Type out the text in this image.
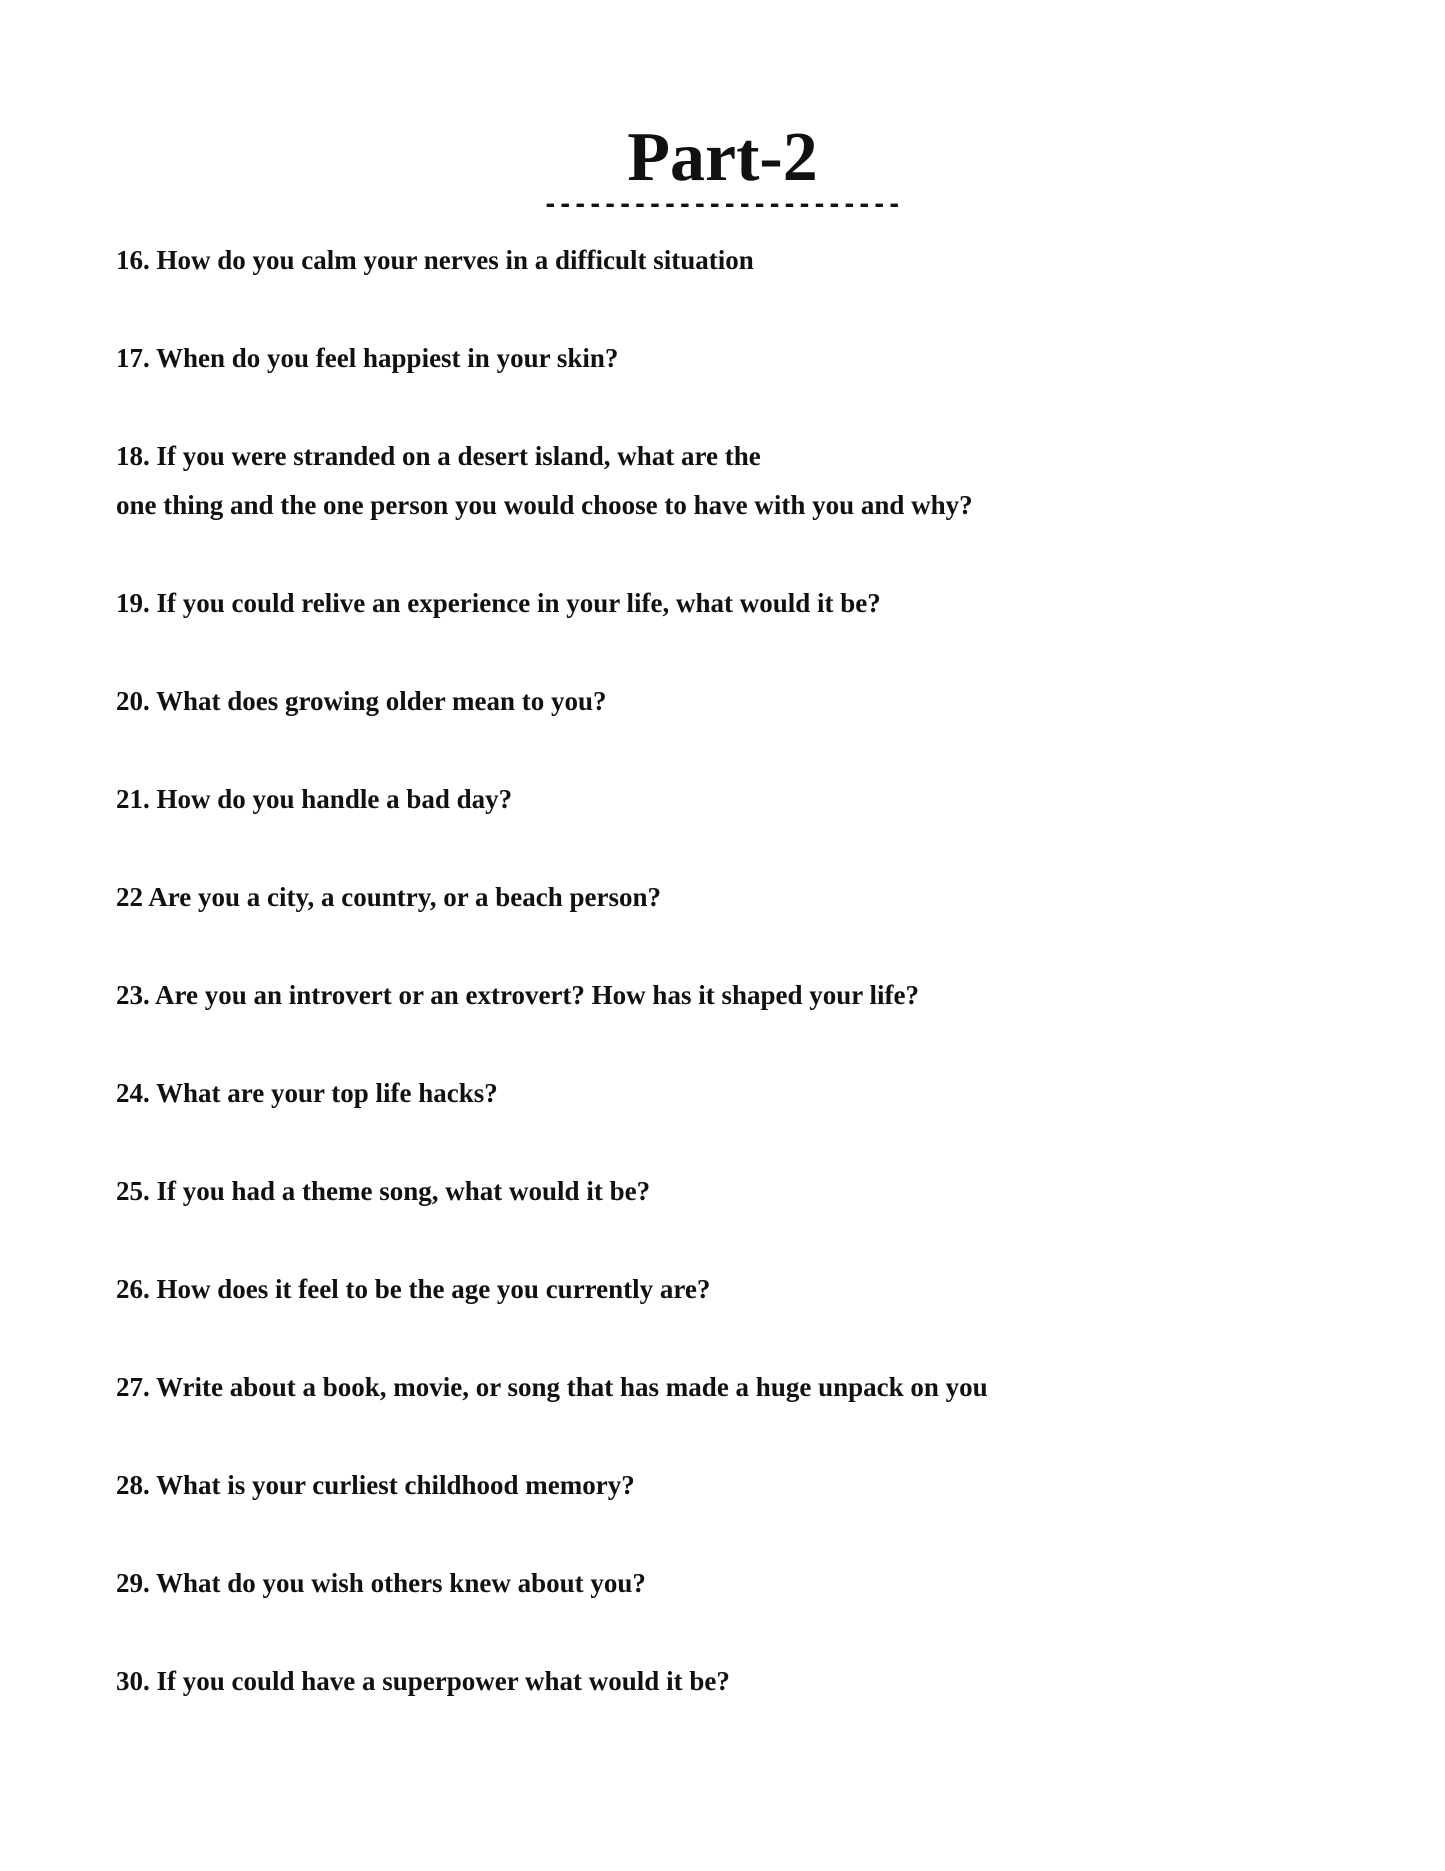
Part-2
------------------------
16. How do you calm your nerves in a difficult situation
17. When do you feel happiest in your skin?
18. If you were stranded on a desert island, what are the
one thing and the one person you would choose to have with you and why?
19. If you could relive an experience in your life, what would it be?
20. What does growing older mean to you?
21. How do you handle a bad day?
22 Are you a city, a country, or a beach person?
23. Are you an introvert or an extrovert? How has it shaped your life?
24. What are your top life hacks?
25. If you had a theme song, what would it be?
26. How does it feel to be the age you currently are?
27. Write about a book, movie, or song that has made a huge unpack on you
28. What is your curliest childhood memory?
29. What do you wish others knew about you?
30. If you could have a superpower what would it be?
